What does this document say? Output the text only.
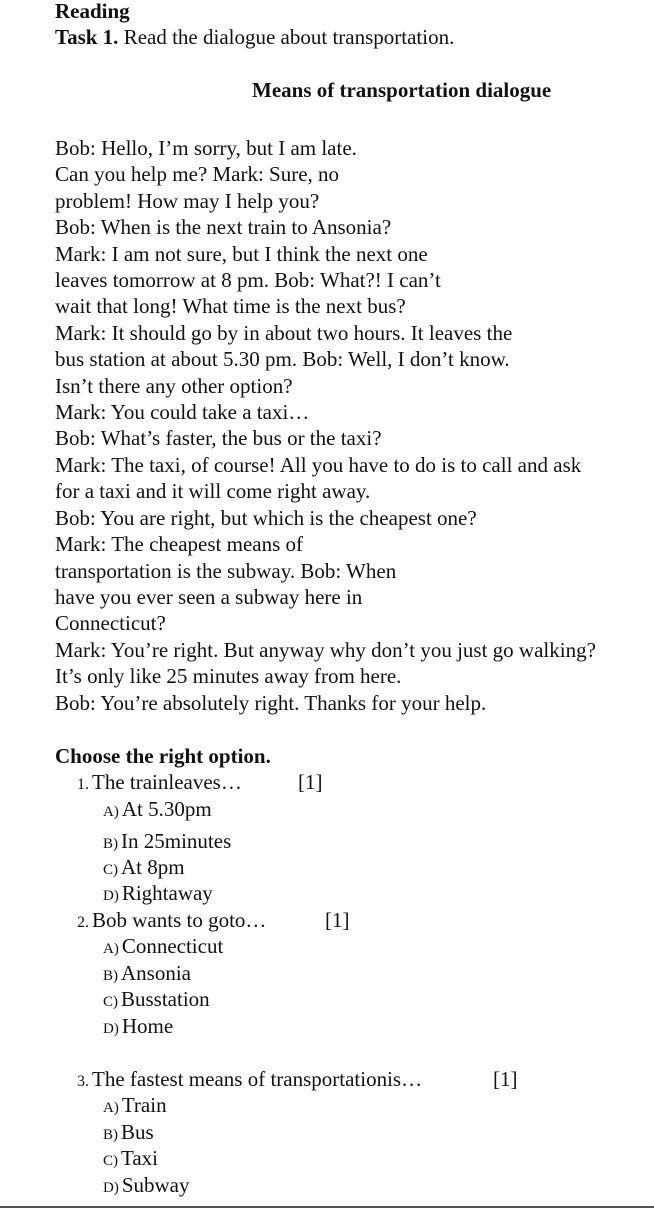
Reading
Task 1. Read the dialogue about transportation.
Means of transportation dialogue
Bob: Hello, I’m sorry, but I am late.
Can you help me? Mark: Sure, no
problem! How may I help you?
Bob: When is the next train to Ansonia?
Mark: I am not sure, but I think the next one
leaves tomorrow at 8 pm. Bob: What?! I can’t
wait that long! What time is the next bus?
Mark: It should go by in about two hours. It leaves the
bus station at about 5.30 pm. Bob: Well, I don’t know.
Isn’t there any other option?
Mark: You could take a taxi…
Bob: What’s faster, the bus or the taxi?
Mark: The taxi, of course! All you have to do is to call and ask
for a taxi and it will come right away.
Bob: You are right, but which is the cheapest one?
Mark: The cheapest means of
transportation is the subway. Bob: When
have you ever seen a subway here in
Connecticut?
Mark: You’re right. But anyway why don’t you just go walking?
It’s only like 25 minutes away from here.
Bob: You’re absolutely right. Thanks for your help.
Choose the right option.
1. The trainleaves…	[1]
A) At 5.30pm
B) In 25minutes
C) At 8pm
D) Rightaway
2. Bob wants to goto…	[1]
A) Connecticut
B) Ansonia
C) Busstation
D) Home
3. The fastest means of transportationis…	[1]
A) Train
B) Bus
C) Taxi
D) Subway
